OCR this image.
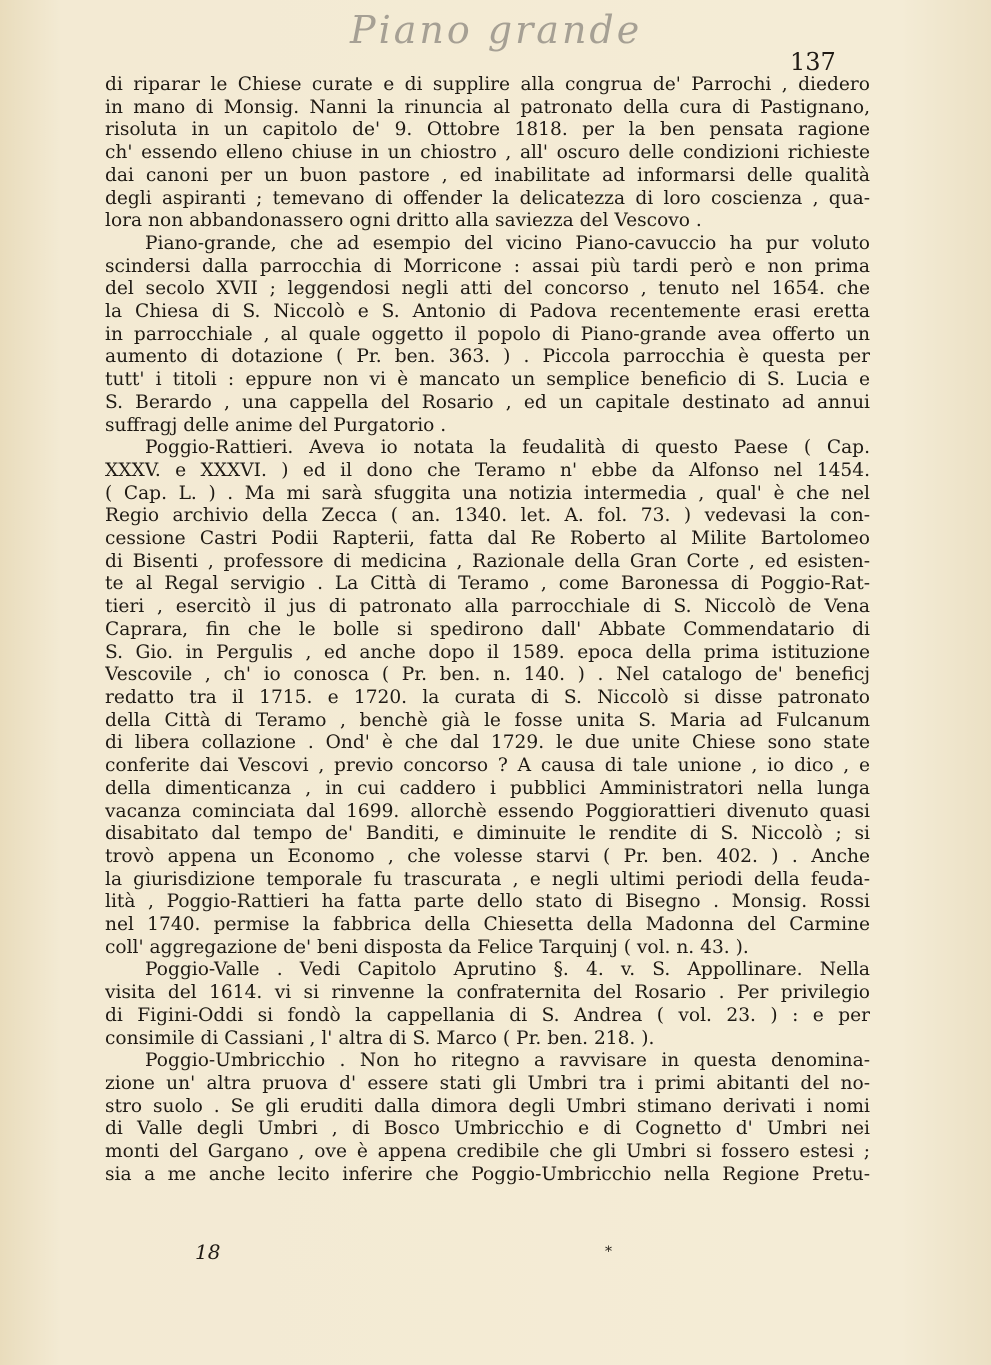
Piano grande
137
di riparar le Chiese curate e di supplire alla congrua de' Parrochi , diedero
in mano di Monsig. Nanni la rinuncia al patronato della cura di Pastignano,
risoluta in un capitolo de' 9. Ottobre 1818. per la ben pensata ragione
ch' essendo elleno chiuse in un chiostro , all' oscuro delle condizioni richieste
dai canoni per un buon pastore , ed inabilitate ad informarsi delle qualità
degli aspiranti ; temevano di offender la delicatezza di loro coscienza , qua-
lora non abbandonassero ogni dritto alla saviezza del Vescovo .
Piano-grande, che ad esempio del vicino Piano-cavuccio ha pur voluto
scindersi dalla parrocchia di Morricone : assai più tardi però e non prima
del secolo XVII ; leggendosi negli atti del concorso , tenuto nel 1654. che
la Chiesa di S. Niccolò e S. Antonio di Padova recentemente erasi eretta
in parrocchiale , al quale oggetto il popolo di Piano-grande avea offerto un
aumento di dotazione ( Pr. ben. 363. ) . Piccola parrocchia è questa per
tutt' i titoli : eppure non vi è mancato un semplice beneficio di S. Lucia e
S. Berardo , una cappella del Rosario , ed un capitale destinato ad annui
suffragj delle anime del Purgatorio .
Poggio-Rattieri. Aveva io notata la feudalità di questo Paese ( Cap.
XXXV. e XXXVI. ) ed il dono che Teramo n' ebbe da Alfonso nel 1454.
( Cap. L. ) . Ma mi sarà sfuggita una notizia intermedia , qual' è che nel
Regio archivio della Zecca ( an. 1340. let. A. fol. 73. ) vedevasi la con-
cessione Castri Podii Rapterii, fatta dal Re Roberto al Milite Bartolomeo
di Bisenti , professore di medicina , Razionale della Gran Corte , ed esisten-
te al Regal servigio . La Città di Teramo , come Baronessa di Poggio-Rat-
tieri , esercitò il jus di patronato alla parrocchiale di S. Niccolò de Vena
Caprara, fin che le bolle si spedirono dall' Abbate Commendatario di
S. Gio. in Pergulis , ed anche dopo il 1589. epoca della prima istituzione
Vescovile , ch' io conosca ( Pr. ben. n. 140. ) . Nel catalogo de' beneficj
redatto tra il 1715. e 1720. la curata di S. Niccolò si disse patronato
della Città di Teramo , benchè già le fosse unita S. Maria ad Fulcanum
di libera collazione . Ond' è che dal 1729. le due unite Chiese sono state
conferite dai Vescovi , previo concorso ? A causa di tale unione , io dico , e
della dimenticanza , in cui caddero i pubblici Amministratori nella lunga
vacanza cominciata dal 1699. allorchè essendo Poggiorattieri divenuto quasi
disabitato dal tempo de' Banditi, e diminuite le rendite di S. Niccolò ; si
trovò appena un Economo , che volesse starvi ( Pr. ben. 402. ) . Anche
la giurisdizione temporale fu trascurata , e negli ultimi periodi della feuda-
lità , Poggio-Rattieri ha fatta parte dello stato di Bisegno . Monsig. Rossi
nel 1740. permise la fabbrica della Chiesetta della Madonna del Carmine
coll' aggregazione de' beni disposta da Felice Tarquinj ( vol. n. 43. ).
Poggio-Valle . Vedi Capitolo Aprutino §. 4. v. S. Appollinare. Nella
visita del 1614. vi si rinvenne la confraternita del Rosario . Per privilegio
di Figini-Oddi si fondò la cappellania di S. Andrea ( vol. 23. ) : e per
consimile di Cassiani , l' altra di S. Marco ( Pr. ben. 218. ).
Poggio-Umbricchio . Non ho ritegno a ravvisare in questa denomina-
zione un' altra pruova d' essere stati gli Umbri tra i primi abitanti del no-
stro suolo . Se gli eruditi dalla dimora degli Umbri stimano derivati i nomi
di Valle degli Umbri , di Bosco Umbricchio e di Cognetto d' Umbri nei
monti del Gargano , ove è appena credibile che gli Umbri si fossero estesi ;
sia a me anche lecito inferire che Poggio-Umbricchio nella Regione Pretu-
18	*
